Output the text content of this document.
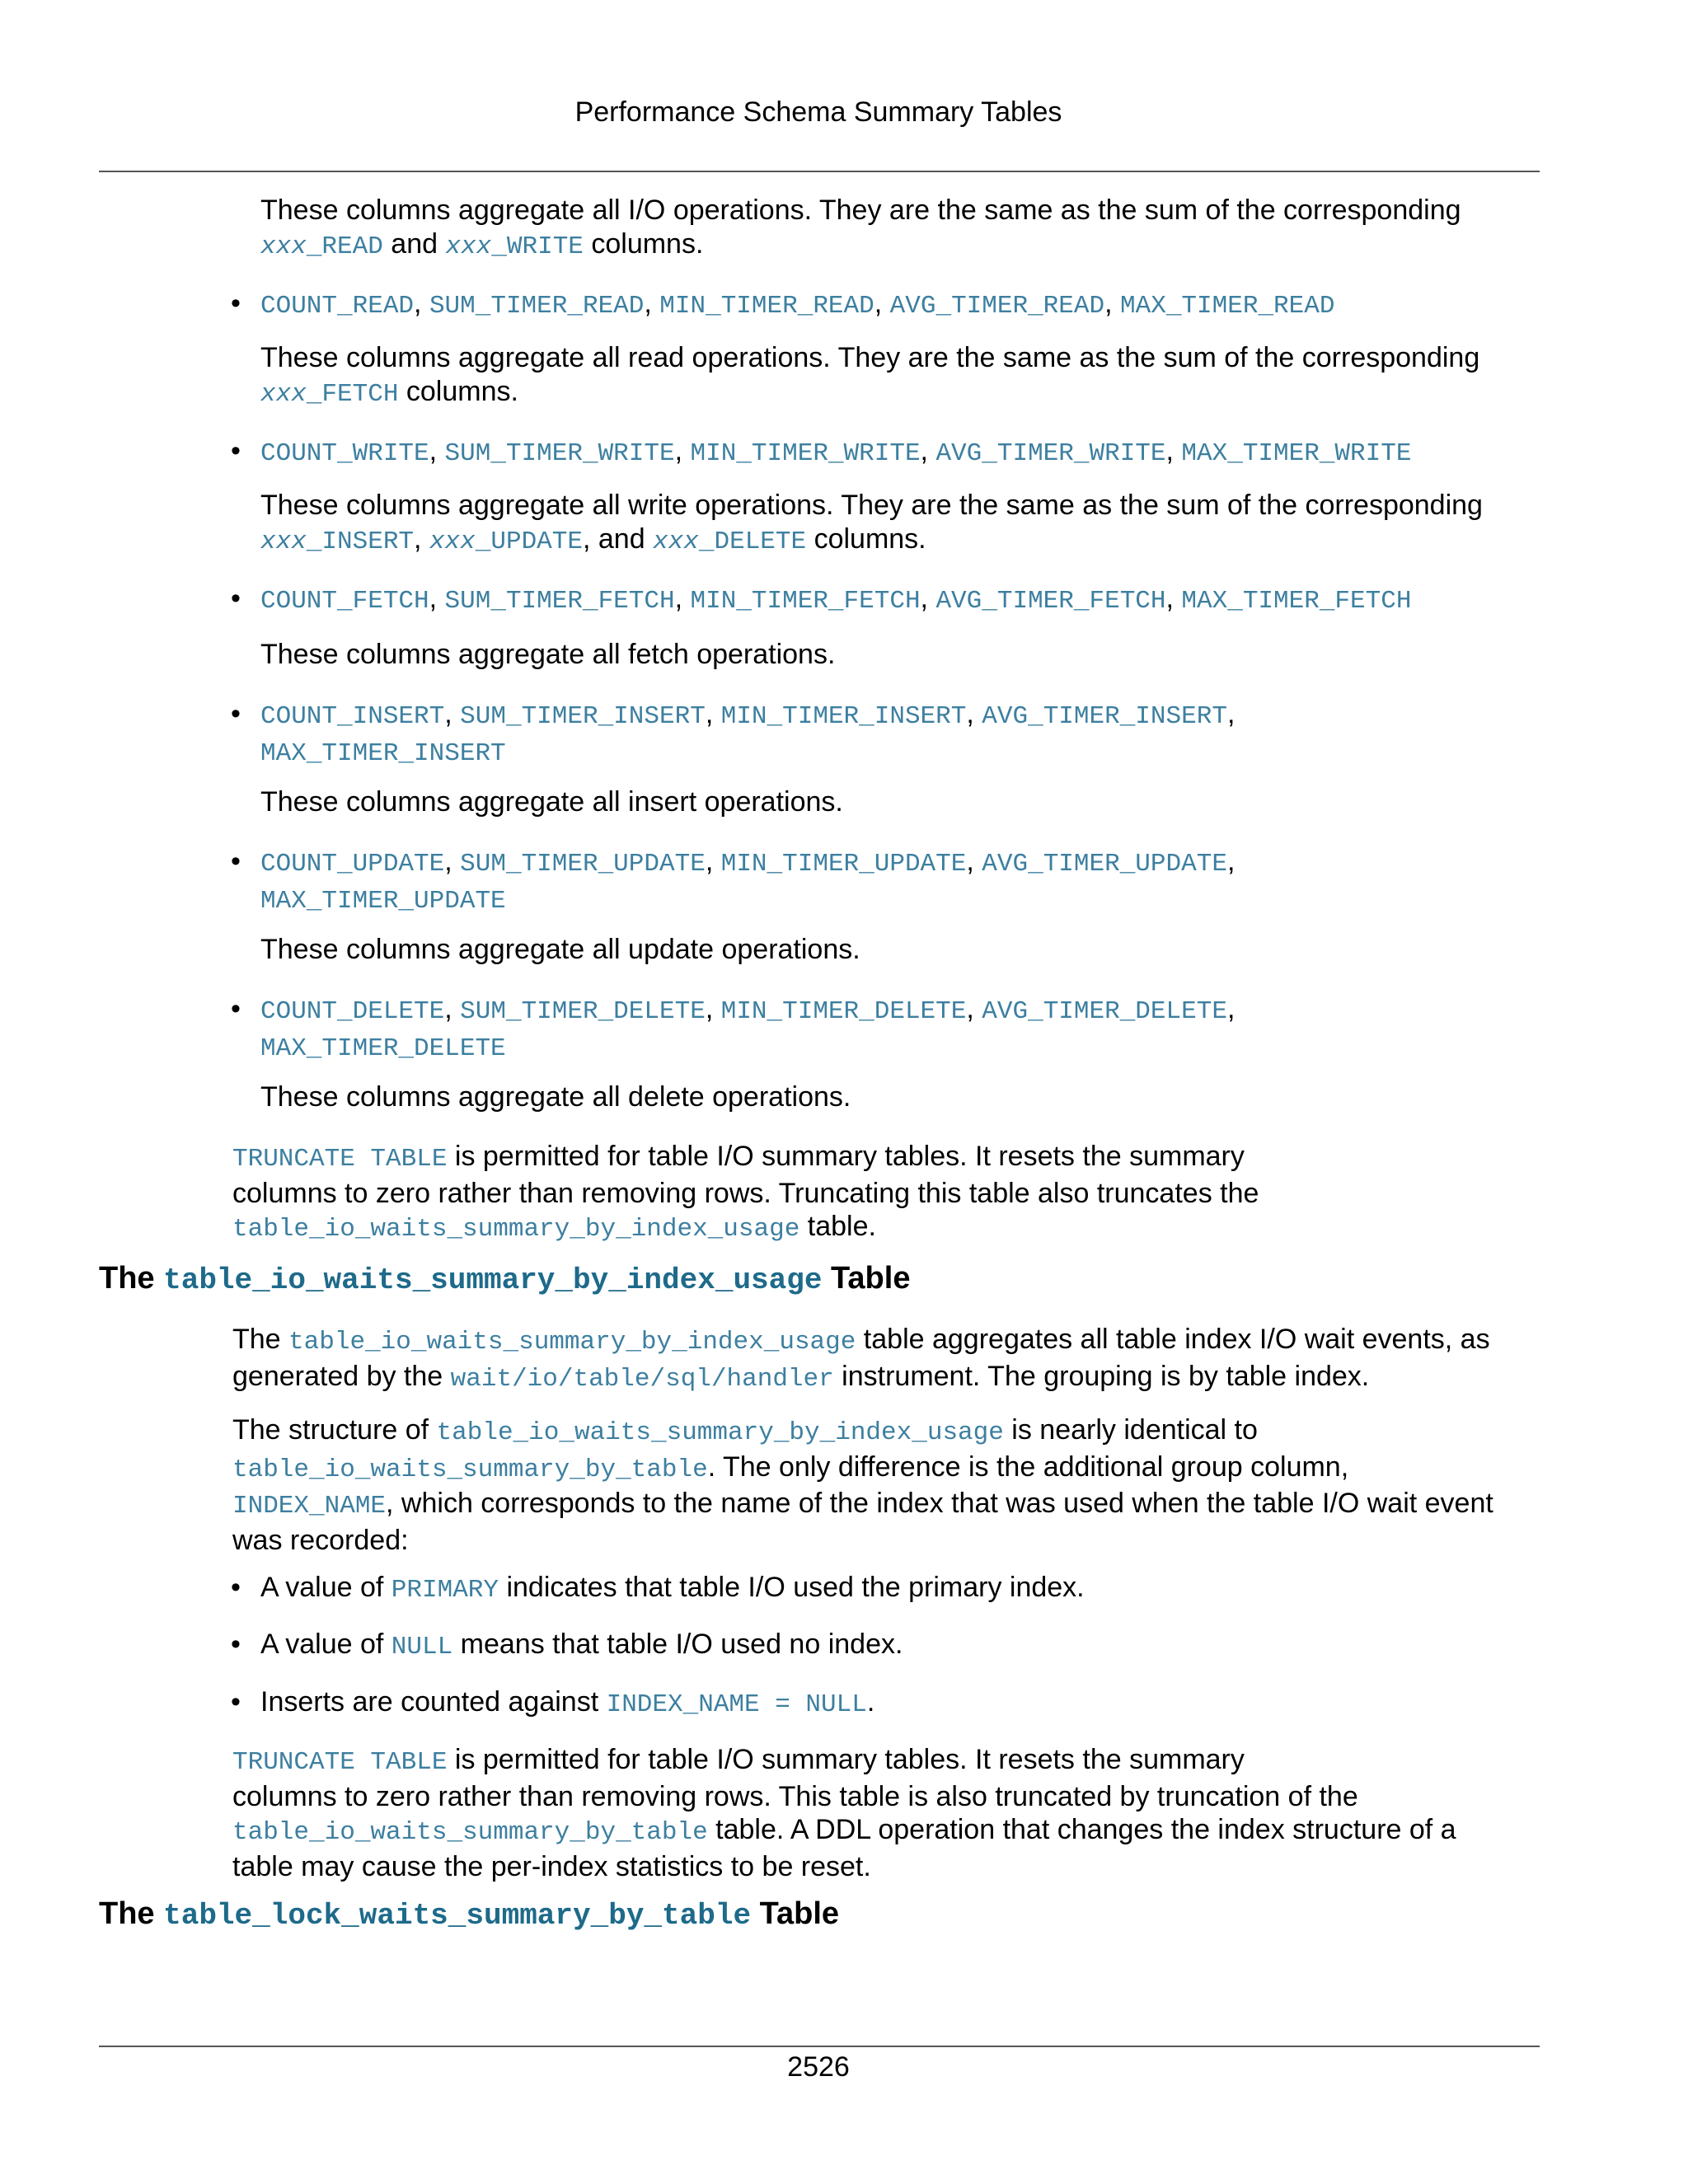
Performance Schema Summary Tables

These columns aggregate all I/O operations. They are the same as the sum of the corresponding
xxx_READ and xxx_WRITE columns.

• COUNT_READ, SUM_TIMER_READ, MIN_TIMER_READ, AVG_TIMER_READ, MAX_TIMER_READ

These columns aggregate all read operations. They are the same as the sum of the corresponding
xxx_FETCH columns.

• COUNT_WRITE, SUM_TIMER_WRITE, MIN_TIMER_WRITE, AVG_TIMER_WRITE, MAX_TIMER_WRITE

These columns aggregate all write operations. They are the same as the sum of the corresponding
xxx_INSERT, xxx_UPDATE, and xxx_DELETE columns.

• COUNT_FETCH, SUM_TIMER_FETCH, MIN_TIMER_FETCH, AVG_TIMER_FETCH, MAX_TIMER_FETCH

These columns aggregate all fetch operations.

• COUNT_INSERT, SUM_TIMER_INSERT, MIN_TIMER_INSERT, AVG_TIMER_INSERT,
MAX_TIMER_INSERT

These columns aggregate all insert operations.

• COUNT_UPDATE, SUM_TIMER_UPDATE, MIN_TIMER_UPDATE, AVG_TIMER_UPDATE,
MAX_TIMER_UPDATE

These columns aggregate all update operations.

• COUNT_DELETE, SUM_TIMER_DELETE, MIN_TIMER_DELETE, AVG_TIMER_DELETE,
MAX_TIMER_DELETE

These columns aggregate all delete operations.

TRUNCATE TABLE is permitted for table I/O summary tables. It resets the summary
columns to zero rather than removing rows. Truncating this table also truncates the
table_io_waits_summary_by_index_usage table.

The table_io_waits_summary_by_index_usage Table

The table_io_waits_summary_by_index_usage table aggregates all table index I/O wait events, as
generated by the wait/io/table/sql/handler instrument. The grouping is by table index.

The structure of table_io_waits_summary_by_index_usage is nearly identical to
table_io_waits_summary_by_table. The only difference is the additional group column,
INDEX_NAME, which corresponds to the name of the index that was used when the table I/O wait event
was recorded:

• A value of PRIMARY indicates that table I/O used the primary index.

• A value of NULL means that table I/O used no index.

• Inserts are counted against INDEX_NAME = NULL.

TRUNCATE TABLE is permitted for table I/O summary tables. It resets the summary
columns to zero rather than removing rows. This table is also truncated by truncation of the
table_io_waits_summary_by_table table. A DDL operation that changes the index structure of a
table may cause the per-index statistics to be reset.

The table_lock_waits_summary_by_table Table
2526
